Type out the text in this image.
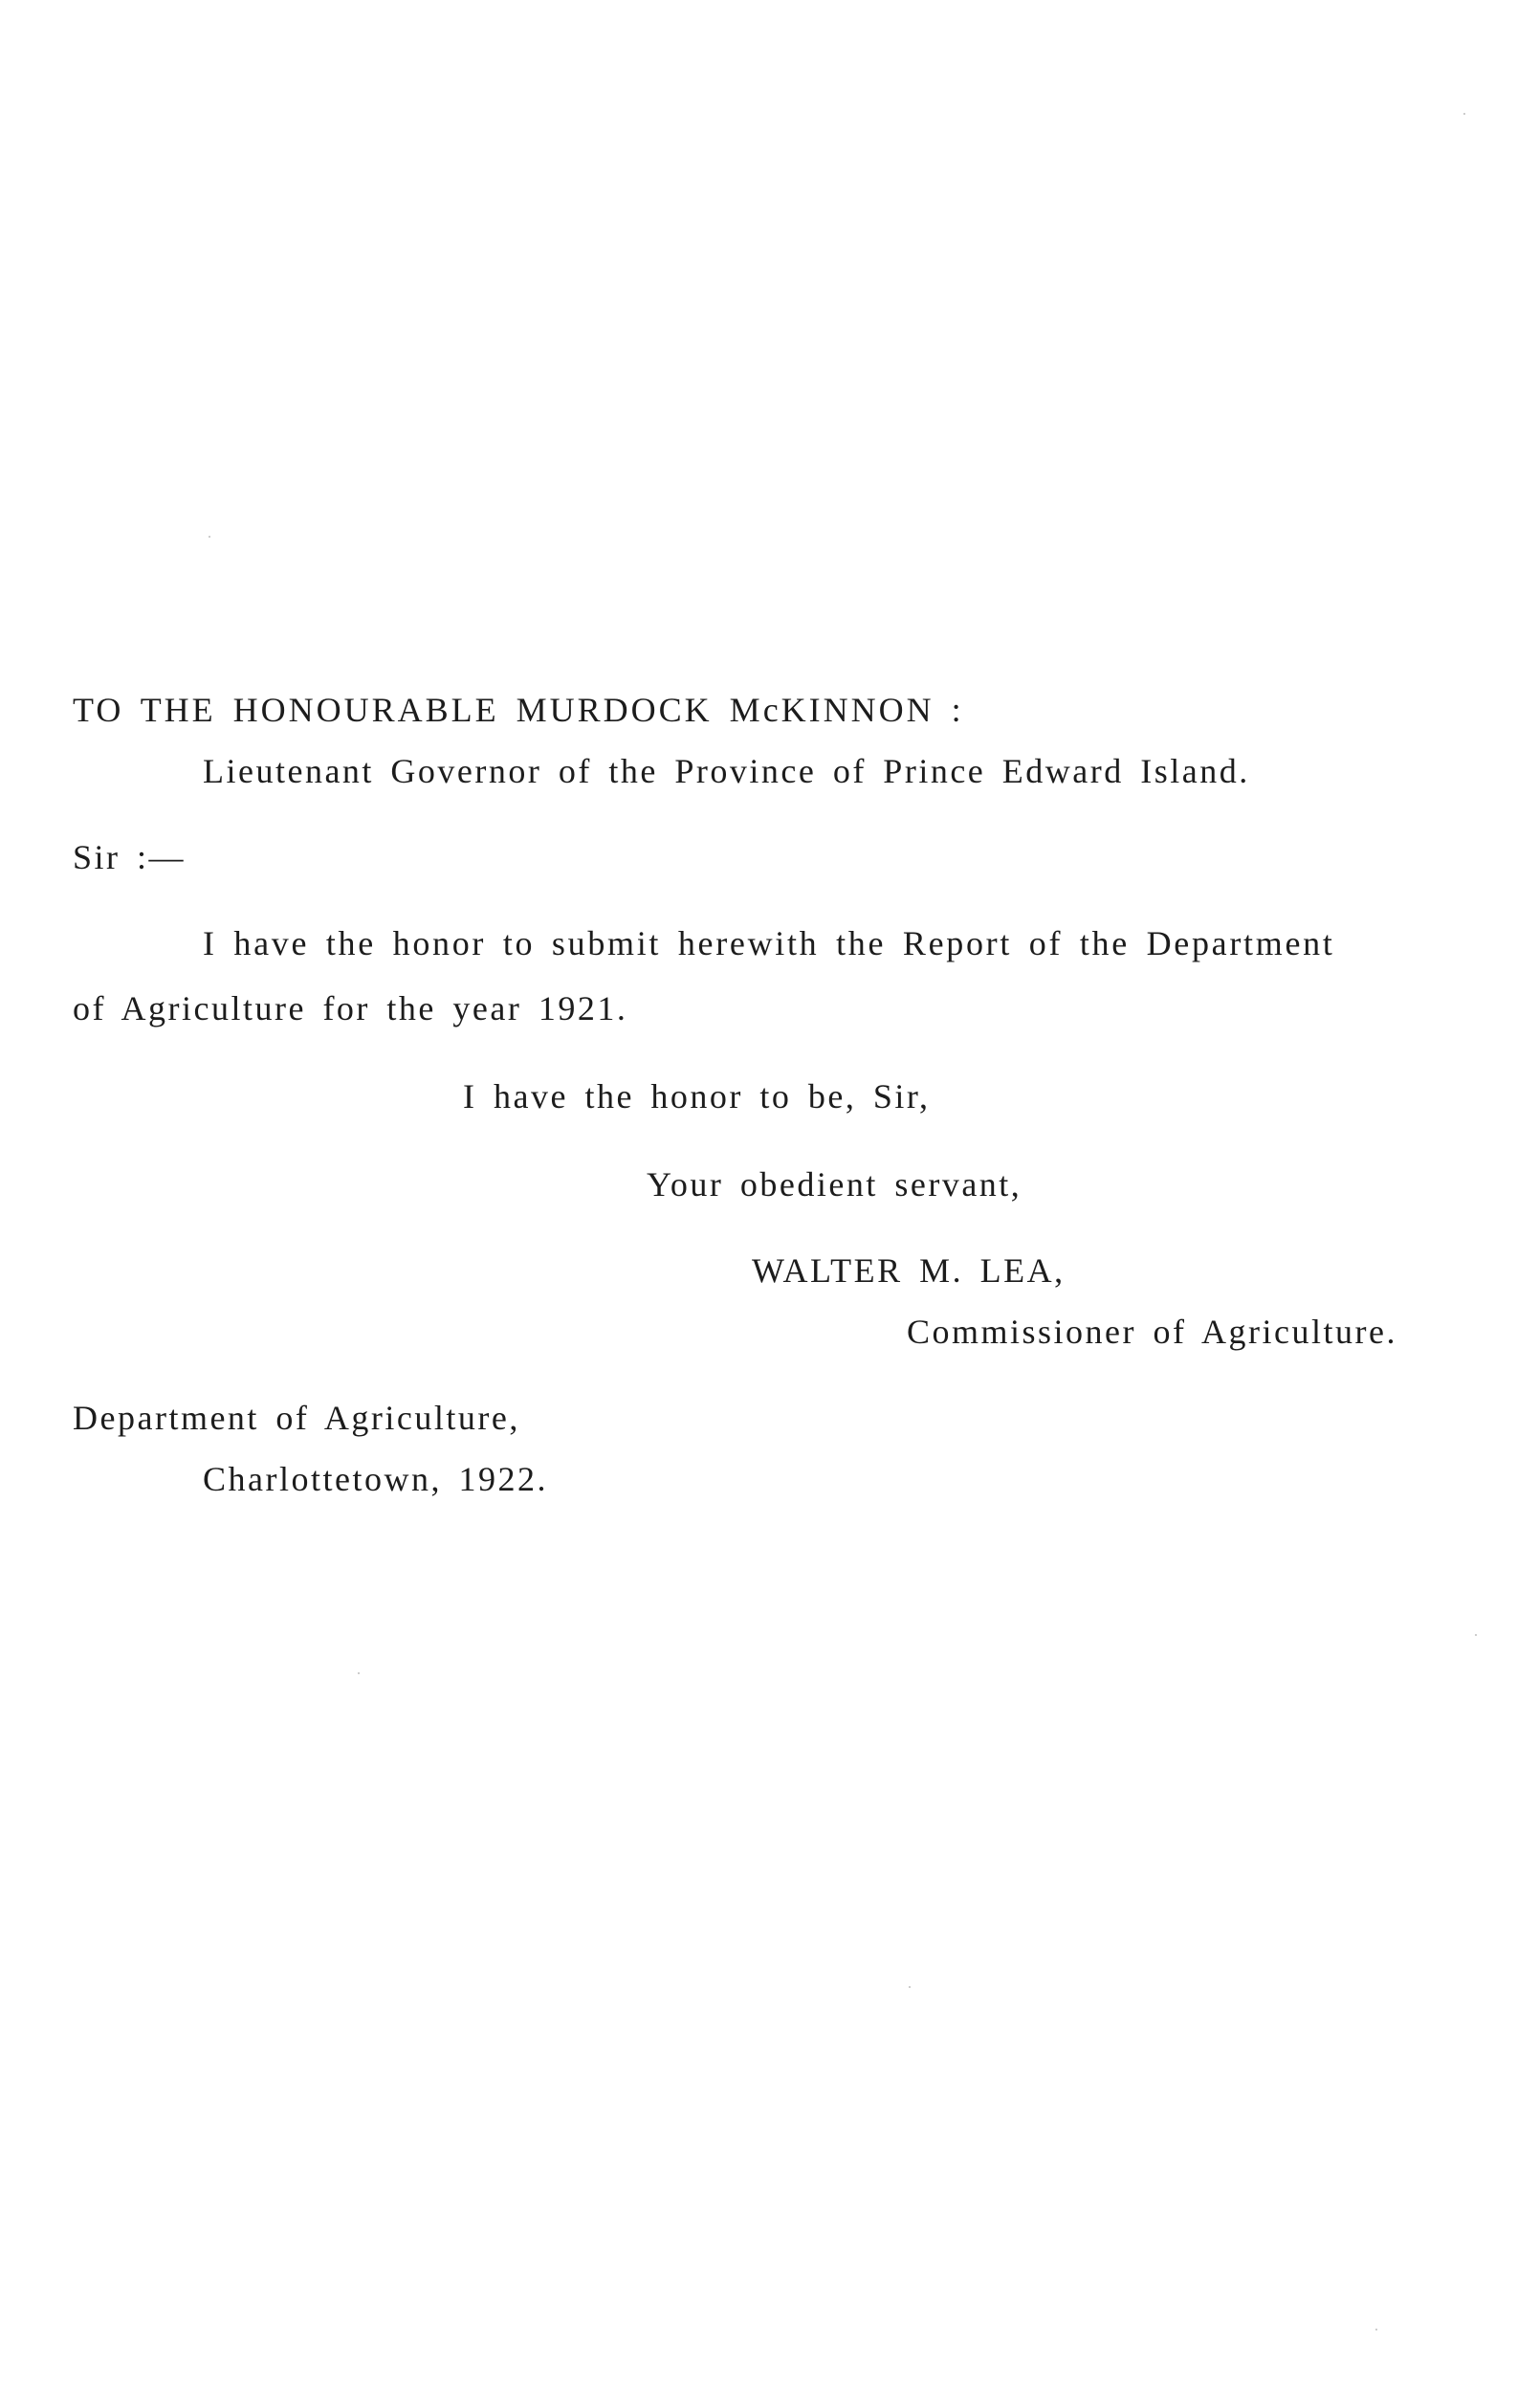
TO THE HONOURABLE MURDOCK McKINNON :
Lieutenant Governor of the Province of Prince Edward Island.
Sir :—
I have the honor to submit herewith the Report of the Department
of Agriculture for the year 1921.
I have the honor to be, Sir,
Your obedient servant,
WALTER M. LEA,
Commissioner of Agriculture.
Department of Agriculture,
Charlottetown, 1922.
